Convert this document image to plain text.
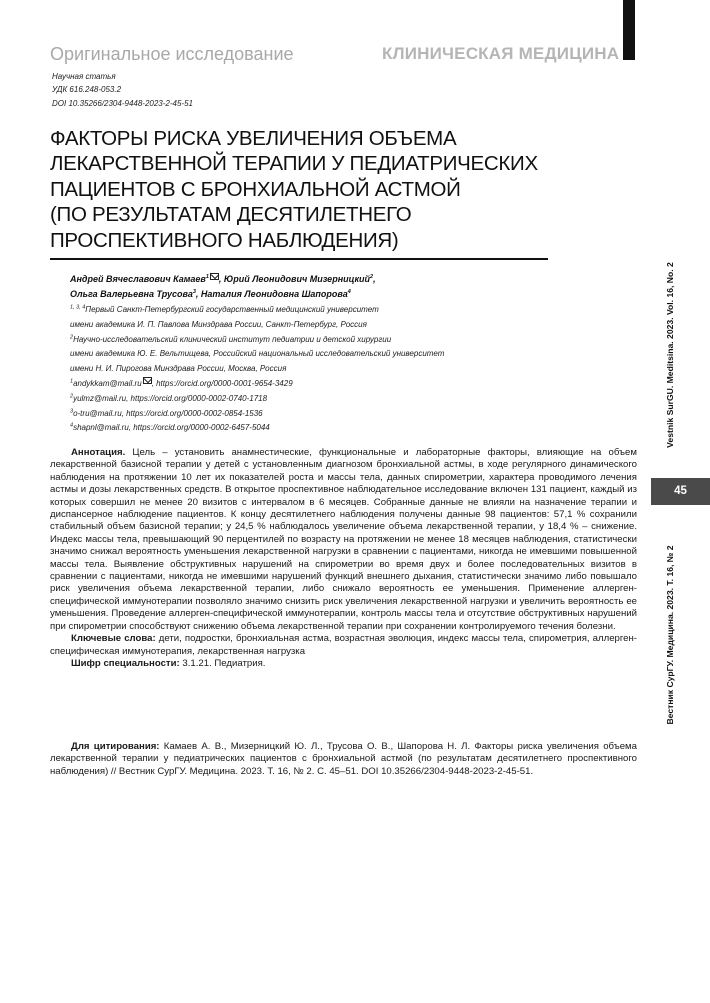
Оригинальное исследование	КЛИНИЧЕСКАЯ МЕДИЦИНА
Научная статья
УДК 616.248-053.2
DOI 10.35266/2304-9448-2023-2-45-51
ФАКТОРЫ РИСКА УВЕЛИЧЕНИЯ ОБЪЕМА
ЛЕКАРСТВЕННОЙ ТЕРАПИИ У ПЕДИАТРИЧЕСКИХ
ПАЦИЕНТОВ С БРОНХИАЛЬНОЙ АСТМОЙ
(ПО РЕЗУЛЬТАТАМ ДЕСЯТИЛЕТНЕГО
ПРОСПЕКТИВНОГО НАБЛЮДЕНИЯ)
Андрей Вячеславович Камаев$^1$ , Юрий Леонидович Мизерницкий$^2$,
Ольга Валерьевна Трусова$^3$, Наталия Леонидовна Шапорова$^4$
$^{1, 3, 4}$Первый Санкт-Петербургский государственный медицинский университет
имени академика И. П. Павлова Минздрава России, Санкт-Петербург, Россия
$^2$Научно-исследовательский клинический институт педиатрии и детской хирургии
имени академика Ю. Е. Вельтищева, Российский национальный исследовательский университет
имени Н. И. Пирогова Минздрава России, Москва, Россия
$^1$andykkam@mail.ru , https://orcid.org/0000-0001-9654-3429
$^2$yulmz@mail.ru, https://orcid.org/0000-0002-0740-1718
$^3$o-tru@mail.ru, https://orcid.org/0000-0002-0854-1536
$^4$shapnl@mail.ru, https://orcid.org/0000-0002-6457-5044

Аннотация. Цель – установить анамнестические, функциональные и лабораторные факторы, влияющие на объем лекарственной базисной терапии у детей с установленным диагнозом бронхиальной астмы, в ходе регулярного динамического наблюдения на протяжении 10 лет их показателей роста и массы тела, данных спирометрии, характера проводимого лечения астмы и дозы лекарственных средств. В открытое проспективное наблюдательное исследование включен 131 пациент, каждый из которых совершил не менее 20 визитов с интервалом в 6 месяцев. Собранные данные не влияли на назначение терапии и диспансерное наблюдение пациентов. К концу десятилетнего наблюдения получены данные 98 пациентов: 57,1 % сохранили стабильный объем базисной терапии; у 24,5 % наблюдалось увеличение объема лекарственной терапии, у 18,4 % – снижение. Индекс массы тела, превышающий 90 перцентилей по возрасту на протяжении не менее 18 месяцев наблюдения, статистически значимо снижал вероятность уменьшения лекарственной нагрузки в сравнении с пациентами, никогда не имевшими повышенной массы тела. Выявление обструктивных нарушений на спирометрии во время двух и более последовательных визитов в сравнении с пациентами, никогда не имевшими нарушений функций внешнего дыхания, статистически значимо либо повышало риск увеличения объема лекарственной терапии, либо снижало вероятность ее уменьшения. Применение аллерген-специфической иммунотерапии позволяло значимо снизить риск увеличения лекарственной нагрузки и увеличить вероятность ее уменьшения. Проведение аллерген-специфической иммунотерапии, контроль массы тела и отсутствие обструктивных нарушений при спирометрии способствуют снижению объема лекарственной терапии при сохранении контролируемого течения болезни.

Ключевые слова: дети, подростки, бронхиальная астма, возрастная эволюция, индекс массы тела, спирометрия, аллерген-специфическая иммунотерапия, лекарственная нагрузка

Шифр специальности: 3.1.21. Педиатрия.

Для цитирования: Камаев А. В., Мизерницкий Ю. Л., Трусова О. В., Шапорова Н. Л. Факторы риска увеличения объема лекарственной терапии у педиатрических пациентов с бронхиальной астмой (по результатам десятилетнего проспективного наблюдения) // Вестник СурГУ. Медицина. 2023. Т. 16, № 2. С. 45–51. DOI 10.35266/2304-9448-2023-2-45-51.

Vestnik SurGU. Meditsina. 2023. Vol. 16, No. 2
45
Вестник СурГУ. Медицина. 2023. Т. 16, № 2
